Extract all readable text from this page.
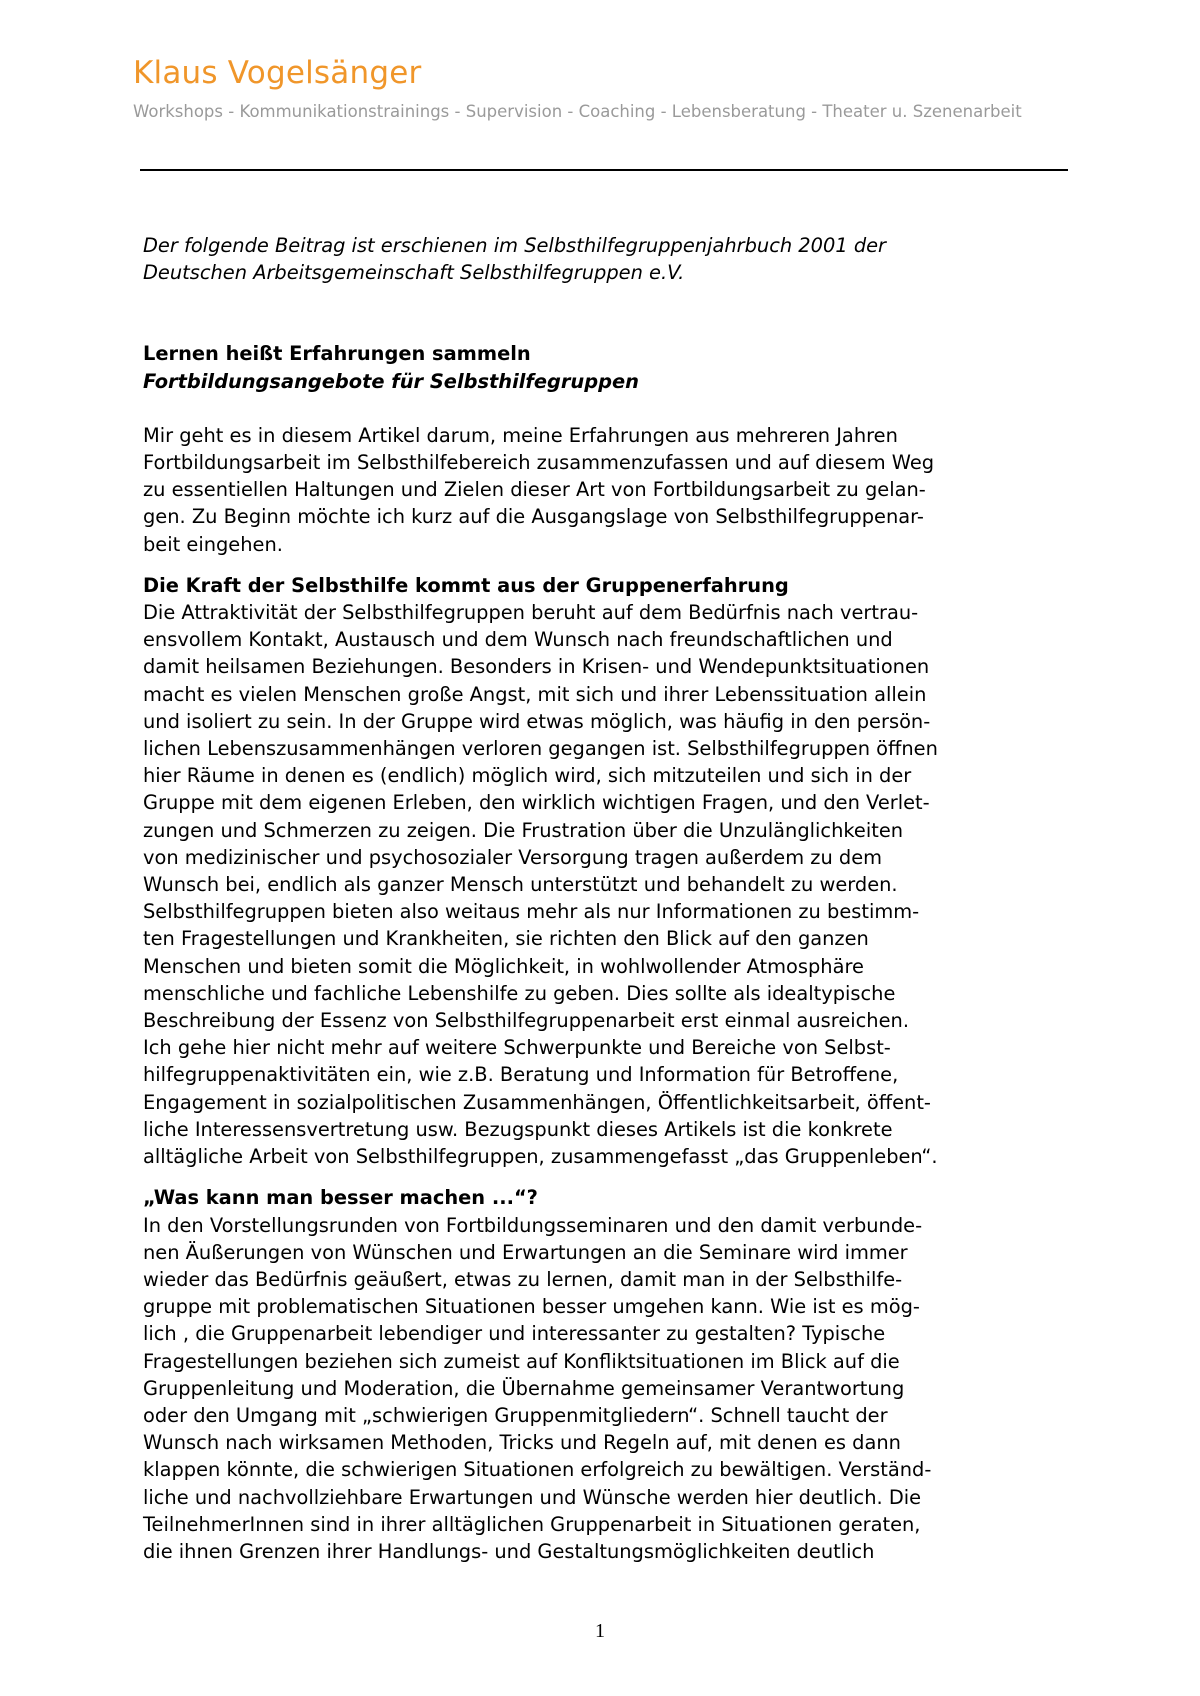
Klaus Vogelsänger
Workshops - Kommunikationstrainings - Supervision - Coaching - Lebensberatung - Theater u. Szenenarbeit

Der folgende Beitrag ist erschienen im Selbsthilfegruppenjahrbuch 2001 der
Deutschen Arbeitsgemeinschaft Selbsthilfegruppen e.V.

Lernen heißt Erfahrungen sammeln

Fortbildungsangebote für Selbsthilfegruppen

Mir geht es in diesem Artikel darum, meine Erfahrungen aus mehreren Jahren
Fortbildungsarbeit im Selbsthilfebereich zusammenzufassen und auf diesem Weg
zu essentiellen Haltungen und Zielen dieser Art von Fortbildungsarbeit zu gelan-
gen. Zu Beginn möchte ich kurz auf die Ausgangslage von Selbsthilfegruppenar-
beit eingehen.

Die Kraft der Selbsthilfe kommt aus der Gruppenerfahrung

Die Attraktivität der Selbsthilfegruppen beruht auf dem Bedürfnis nach vertrau-
ensvollem Kontakt, Austausch und dem Wunsch nach freundschaftlichen und
damit heilsamen Beziehungen. Besonders in Krisen- und Wendepunktsituationen
macht es vielen Menschen große Angst, mit sich und ihrer Lebenssituation allein
und isoliert zu sein. In der Gruppe wird etwas möglich, was häufig in den persön-
lichen Lebenszusammenhängen verloren gegangen ist. Selbsthilfegruppen öffnen
hier Räume in denen es (endlich) möglich wird, sich mitzuteilen und sich in der
Gruppe mit dem eigenen Erleben, den wirklich wichtigen Fragen, und den Verlet-
zungen und Schmerzen zu zeigen. Die Frustration über die Unzulänglichkeiten
von medizinischer und psychosozialer Versorgung tragen außerdem zu dem
Wunsch bei, endlich als ganzer Mensch unterstützt und behandelt zu werden.
Selbsthilfegruppen bieten also weitaus mehr als nur Informationen zu bestimm-
ten Fragestellungen und Krankheiten, sie richten den Blick auf den ganzen
Menschen und bieten somit die Möglichkeit, in wohlwollender Atmosphäre
menschliche und fachliche Lebenshilfe zu geben. Dies sollte als idealtypische
Beschreibung der Essenz von Selbsthilfegruppenarbeit erst einmal ausreichen.
Ich gehe hier nicht mehr auf weitere Schwerpunkte und Bereiche von Selbst-
hilfegruppenaktivitäten ein, wie z.B. Beratung und Information für Betroffene,
Engagement in sozialpolitischen Zusammenhängen, Öffentlichkeitsarbeit, öffent-
liche Interessensvertretung usw. Bezugspunkt dieses Artikels ist die konkrete
alltägliche Arbeit von Selbsthilfegruppen, zusammengefasst „das Gruppenleben“.

„Was kann man besser machen ...“?

In den Vorstellungsrunden von Fortbildungsseminaren und den damit verbunde-
nen Äußerungen von Wünschen und Erwartungen an die Seminare wird immer
wieder das Bedürfnis geäußert, etwas zu lernen, damit man in der Selbsthilfe-
gruppe mit problematischen Situationen besser umgehen kann. Wie ist es mög-
lich , die Gruppenarbeit lebendiger und interessanter zu gestalten? Typische
Fragestellungen beziehen sich zumeist auf Konfliktsituationen im Blick auf die
Gruppenleitung und Moderation, die Übernahme gemeinsamer Verantwortung
oder den Umgang mit „schwierigen Gruppenmitgliedern“. Schnell taucht der
Wunsch nach wirksamen Methoden, Tricks und Regeln auf, mit denen es dann
klappen könnte, die schwierigen Situationen erfolgreich zu bewältigen. Verständ-
liche und nachvollziehbare Erwartungen und Wünsche werden hier deutlich. Die
TeilnehmerInnen sind in ihrer alltäglichen Gruppenarbeit in Situationen geraten,
die ihnen Grenzen ihrer Handlungs- und Gestaltungsmöglichkeiten deutlich

1
